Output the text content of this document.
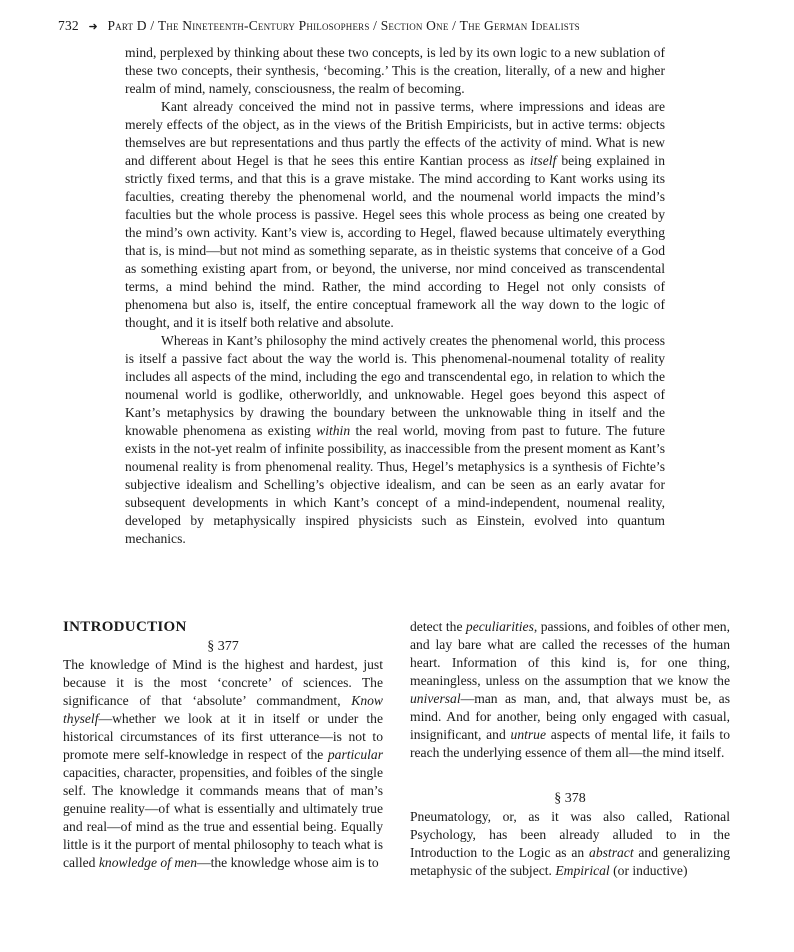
732 ➜ Part D / The Nineteenth-Century Philosophers / Section One / The German Idealists

mind, perplexed by thinking about these two concepts, is led by its own logic to a new sublation of these two concepts, their synthesis, ‘becoming.’ This is the creation, literally, of a new and higher realm of mind, namely, consciousness, the realm of becoming.

Kant already conceived the mind not in passive terms, where impressions and ideas are merely effects of the object, as in the views of the British Empiricists, but in active terms: objects themselves are but representations and thus partly the effects of the activity of mind. What is new and different about Hegel is that he sees this entire Kantian process as itself being explained in strictly fixed terms, and that this is a grave mistake. The mind according to Kant works using its faculties, creating thereby the phenomenal world, and the noumenal world impacts the mind’s faculties but the whole process is passive. Hegel sees this whole process as being one created by the mind’s own activity. Kant’s view is, according to Hegel, flawed because ultimately everything that is, is mind—but not mind as something separate, as in theistic systems that conceive of a God as something existing apart from, or beyond, the universe, nor mind conceived as transcendental terms, a mind behind the mind. Rather, the mind according to Hegel not only consists of phenomena but also is, itself, the entire conceptual framework all the way down to the logic of thought, and it is itself both relative and absolute.

Whereas in Kant’s philosophy the mind actively creates the phenomenal world, this process is itself a passive fact about the way the world is. This phenomenal-noumenal totality of reality includes all aspects of the mind, including the ego and transcendental ego, in relation to which the noumenal world is godlike, otherworldly, and unknowable. Hegel goes beyond this aspect of Kant’s metaphysics by drawing the boundary between the unknowable thing in itself and the knowable phenomena as existing within the real world, moving from past to future. The future exists in the not-yet realm of infinite possibility, as inaccessible from the present moment as Kant’s noumenal reality is from phenomenal reality. Thus, Hegel’s metaphysics is a synthesis of Fichte’s subjective idealism and Schelling’s objective idealism, and can be seen as an early avatar for subsequent developments in which Kant’s concept of a mind-independent, noumenal reality, developed by metaphysically inspired physicists such as Einstein, evolved into quantum mechanics.

INTRODUCTION

§ 377

The knowledge of Mind is the highest and hardest, just because it is the most ‘concrete’ of sciences. The significance of that ‘absolute’ commandment, Know thyself—whether we look at it in itself or under the historical circumstances of its first utterance—is not to promote mere self-knowledge in respect of the particular capacities, character, propensities, and foibles of the single self. The knowledge it commands means that of man’s genuine reality—of what is essentially and ultimately true and real—of mind as the true and essential being. Equally little is it the purport of mental philosophy to teach what is called knowledge of men—the knowledge whose aim is to

detect the peculiarities, passions, and foibles of other men, and lay bare what are called the recesses of the human heart. Information of this kind is, for one thing, meaningless, unless on the assumption that we know the universal—man as man, and, that always must be, as mind. And for another, being only engaged with casual, insignificant, and untrue aspects of mental life, it fails to reach the underlying essence of them all—the mind itself.

§ 378

Pneumatology, or, as it was also called, Rational Psychology, has been already alluded to in the Introduction to the Logic as an abstract and generalizing metaphysic of the subject. Empirical (or inductive)
